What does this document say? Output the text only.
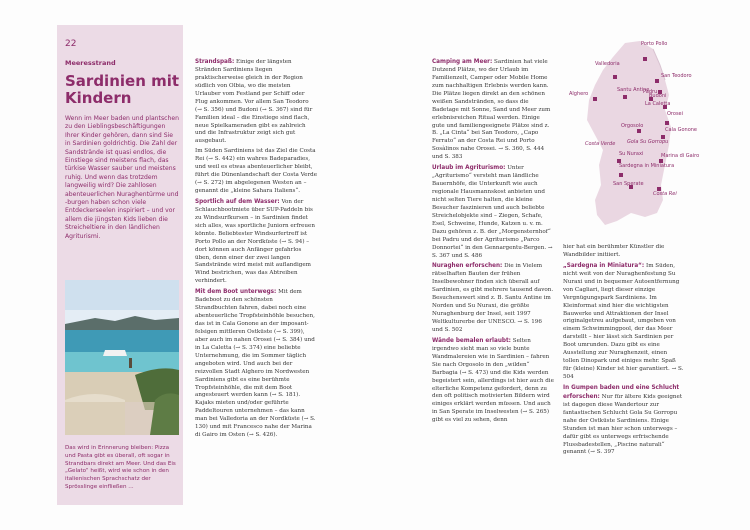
22
Meeresstrand
Sardinien mit Kindern
Wenn im Meer baden und plantschen zu den Lieblingsbeschäftigungen Ihrer Kinder gehören, dann sind Sie in Sardinien goldrichtig. Die Zahl der Sandstrände ist quasi endlos, die Einstiege sind meistens flach, das türkise Wasser sauber und meistens ruhig. Und wenn das trotzdem langweilig wird? Die zahllosen abenteuerlichen Nuraghentürme und -burgen haben schon viele Entdeckerseelen inspiriert – und vor allem die jüngsten Kids lieben die Streicheltiere in den ländlichen Agriturismi.
Das wird in Erinnerung bleiben: Pizza und Pasta gibt es überall, oft sogar in Strandbars direkt am Meer. Und das Eis „Gelato“ heißt, wird wie schon in den italienischen Sprachschatz der Sprösslinge einfließen ...

Strandspaß: Einige der längsten Stränden Sardiniens liegen praktischerweise gleich in der Region südlich von Olbia, wo die meisten Urlauber vom Festland per Schiff oder Flug ankommen. Vor allem San Teodoro (→ S. 356) und Budoni (→ S. 367) sind für Familien ideal – die Einstiege sind flach, neue Spielkameraden gibt es zahlreich und die Infrastruktur zeigt sich gut ausgebaut.

Im Süden Sardiniens ist das Ziel die Costa Rei (→ S. 442) ein wahres Badeparadies, und weil es etwas abenteuerlicher bleibt, führt die Dünenlandschaft der Costa Verde (→ S. 272) im abgelegenen Westen an – genannt die „kleine Sahara Italiens“.

Sportlich auf dem Wasser: Von der Schlauchbootmiete über SUP-Paddeln bis zu Windsurfkursen – in Sardinien findet sich alles, was sportliche Juniorn erfreuen könnte. Beliebtester Windsurfertreff ist Porto Pollo an der Nordküste (→ S. 94) – dort können auch Anfänger gefahrlos üben, denn einer der zwei langen Sandstrände wird meist mit auflandigem Wind bestrichen, was das Abtreiben verhindert.

Mit dem Boot unterwegs: Mit dem Badeboot zu den schönsten Strandbuchten fahren, dabei noch eine abenteuerliche Tropfsteinhöhle besuchen, das ist in Cala Gonone an der imposant-felsigen mittleren Ostküste (→ S. 399), aber auch im nahen Orosei (→ S. 384) und in La Caletta (→ S. 374) eine beliebte Unternehmung, die im Sommer täglich angeboten wird. Und auch bei der reizvollen Stadt Alghero im Nordwesten Sardiniens gibt es eine berühmte Tropfsteinhöhle, die mit dem Boot angesteuert werden kann (→ S. 181). Kajaks mieten und/oder geführte Paddeltouren unternehmen – das kann man bei Valledoria an der Nordküste (→ S. 130) und mit Francesco nahe der Marina di Gairo im Osten (→ S. 426).

Camping am Meer: Sardinien hat viele Dutzend Plätze, wo der Urlaub im Familienzelt, Camper oder Mobile Home zum nachhaltigen Erlebnis werden kann. Die Plätze liegen direkt an den schönen weißen Sandstränden, so dass die Badetage mit Sonne, Sand und Meer zum erlebnisreichen Ritual werden. Einige gute und familiengeeignete Plätze sind z. B. „La Cinta“ bei San Teodoro, „Capo Ferrato“ an der Costa Rei und Porto Sosàlinos nahe Orosei. → S. 360, S. 444 und S. 383

Urlaub im Agriturismo: Unter „Agriturismo“ versteht man ländliche Bauernhöfe, die Unterkunft wie auch regionale Hausmannskost anbieten und nicht selten Tiere halten, die kleine Besucher faszinieren und auch beliebte Streichelobjekte sind – Ziegen, Schafe, Esel, Schweine, Hunde, Katzen u. v. m. Dazu gehören z. B. der „Morgensternhof“ bei Padru und der Agriturismo „Parco Donnortei“ in den Gennargentu-Bergen. → S. 367 und S. 486

Nuraghen erforschen: Die in Vielem rätselhaften Bauten der frühen Inselbewohner finden sich überall auf Sardinien, es gibt mehrere tausend davon. Besuchenswert sind z. B. Santu Antine im Norden und Su Nuraxi, die größte Nuraghenburg der Insel, seit 1997 Weltkulturerbe der UNESCO. → S. 196 und S. 502

Wände bemalen erlaubt: Selten irgendwo sieht man so viele bunte Wandmalereien wie in Sardinien – fahren Sie nach Orgosolo in den „wilden“ Barbagia (→ S. 473) und die Kids werden begeistert sein, allerdings ist hier auch die elterliche Kompetenz gefordert, denn zu den oft politisch motivierten Bildern wird einiges erklärt werden müssen. Und auch in San Sperate im Inselwesten (→ S. 265) gibt es viel zu sehen, denn

Porto Pollo
Valledoria
Alghero
Santu Antine
San Teodoro
Budoni
Padru
La Caletta
Orosei
Orgosolo
Cala Gonone
Gola Su Gorropu
Su Nuraxi	Marina di Gairo
Sardegna in Miniatura
San Sperate
Costa Rei
Costa Verde

hier hat ein berühmter Künstler die Wandbilder initiiert.

„Sardegna in Miniatura“: Im Süden, nicht weit von der Nuraghenfestung Su Nuraxi und in bequemer Autoentfernung von Cagliari, liegt dieser einzige Vergnügungspark Sardiniens. Im Kleinformat sind hier die wichtigsten Bauwerke und Attraktionen der Insel originalgetreu aufgebaut, umgeben von einem Schwimmingpool, der das Meer darstellt – hier lässt sich Sardinien per Boot umrunden. Dazu gibt es eine Ausstellung zur Nuraghenzeit, einen tollen Dinopark und einiges mehr. Spaß für (kleine) Kinder ist hier garantiert. → S. 504

In Gumpen baden und eine Schlucht erforschen: Nur für ältere Kids geeignet ist dagegen diese Wandertour zur fantastischen Schlucht Gola Su Gorropu nahe der Ostküste Sardiniens. Einige Stunden ist man hier schon unterwegs – dafür gibt es unterwegs erfrischende Flussbadestellen, „Piscine naturali“ genannt (→ S. 397
